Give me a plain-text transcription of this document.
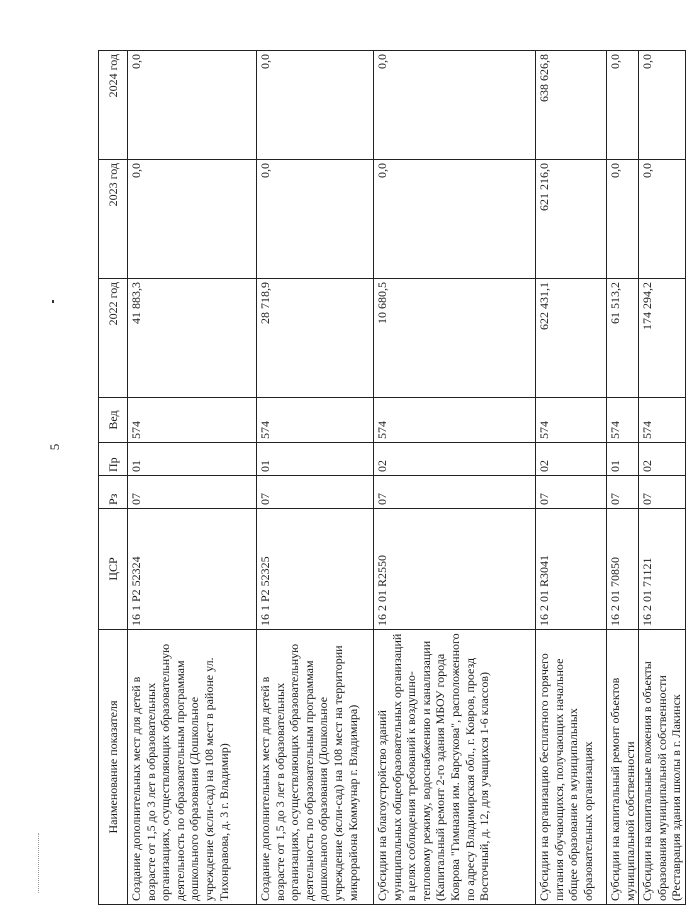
5
Наименование показателя	ЦСР	Рз	Пр	Вед	2022 год	2023 год	2024 год
Создание дополнительных мест для детей в возрасте от 1,5 до 3 лет в образовательных организациях, осуществляющих образовательную деятельность по образовательным программам дошкольного образования (Дошкольное учреждение (ясли-сад) на 108 мест в районе ул. Тихонравова, д. 3 г. Владимир)	16 1 P2 52324	07	01	574	41 883,3	0,0	0,0
Создание дополнительных мест для детей в возрасте от 1,5 до 3 лет в образовательных организациях, осуществляющих образовательную деятельность по образовательным программам дошкольного образования (Дошкольное учреждение (ясли-сад) на 108 мест на территории микрорайона Коммунар г. Владимира)	16 1 P2 52325	07	01	574	28 718,9	0,0	0,0
Субсидии на благоустройство зданий муниципальных общеобразовательных организаций в целях соблюдения требований к воздушно-тепловому режиму, водоснабжению и канализации (Капитальный ремонт 2-го здания МБОУ города Коврова "Гимназия им. Барсукова", расположенного по адресу Владимирская обл., г. Ковров, проезд Восточный, д. 12, для учащихся 1-6 классов)	16 2 01 R2550	07	02	574	10 680,5	0,0	0,0
Субсидии на организацию бесплатного горячего питания обучающихся, получающих начальное общее образование в муниципальных образовательных организациях	16 2 01 R3041	07	02	574	622 431,1	621 216,0	638 626,8
Субсидии на капитальный ремонт объектов муниципальной собственности	16 2 01 70850	07	01	574	61 513,2	0,0	0,0
Субсидии на капитальные вложения в объекты образования муниципальной собственности (Реставрация здания школы в г. Лакинск	16 2 01 71121	07	02	574	174 294,2	0,0	0,0
